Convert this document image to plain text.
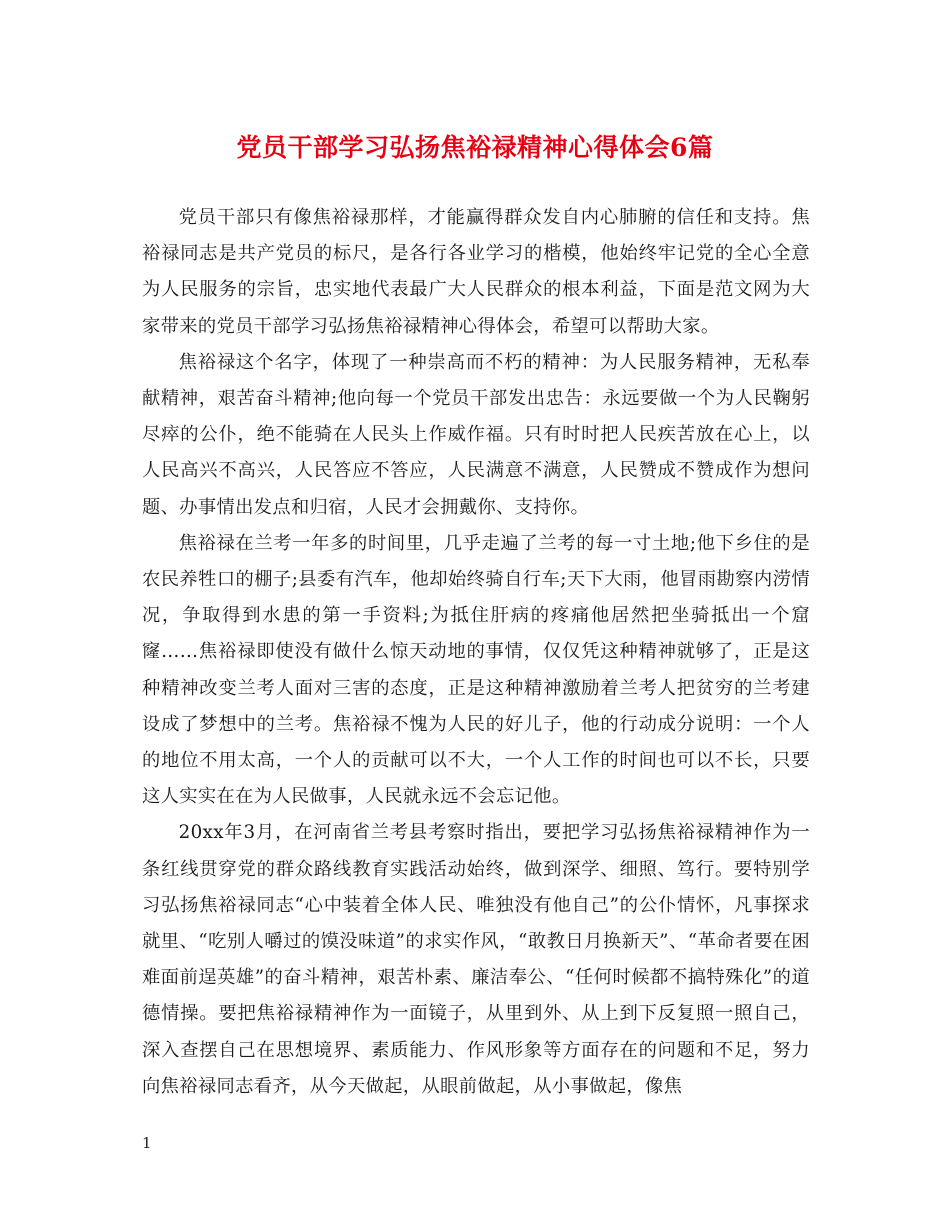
党员干部学习弘扬焦裕禄精神心得体会6篇

党员干部只有像焦裕禄那样，才能赢得群众发自内心肺腑的信任和支持。焦裕禄同志是共产党员的标尺，是各行各业学习的楷模，他始终牢记党的全心全意为人民服务的宗旨，忠实地代表最广大人民群众的根本利益，下面是范文网为大家带来的党员干部学习弘扬焦裕禄精神心得体会，希望可以帮助大家。

焦裕禄这个名字，体现了一种崇高而不朽的精神：为人民服务精神，无私奉献精神，艰苦奋斗精神;他向每一个党员干部发出忠告：永远要做一个为人民鞠躬尽瘁的公仆，绝不能骑在人民头上作威作福。只有时时把人民疾苦放在心上，以人民高兴不高兴，人民答应不答应，人民满意不满意，人民赞成不赞成作为想问题、办事情出发点和归宿，人民才会拥戴你、支持你。

焦裕禄在兰考一年多的时间里，几乎走遍了兰考的每一寸土地;他下乡住的是农民养牲口的棚子;县委有汽车，他却始终骑自行车;天下大雨，他冒雨勘察内涝情况，争取得到水患的第一手资料;为抵住肝病的疼痛他居然把坐骑抵出一个窟窿……焦裕禄即使没有做什么惊天动地的事情，仅仅凭这种精神就够了，正是这种精神改变兰考人面对三害的态度，正是这种精神激励着兰考人把贫穷的兰考建设成了梦想中的兰考。焦裕禄不愧为人民的好儿子，他的行动成分说明：一个人的地位不用太高，一个人的贡献可以不大，一个人工作的时间也可以不长，只要这人实实在在为人民做事，人民就永远不会忘记他。

20xx年3月，在河南省兰考县考察时指出，要把学习弘扬焦裕禄精神作为一条红线贯穿党的群众路线教育实践活动始终，做到深学、细照、笃行。要特别学习弘扬焦裕禄同志“心中装着全体人民、唯独没有他自己”的公仆情怀，凡事探求就里、“吃别人嚼过的馍没味道”的求实作风，“敢教日月换新天”、“革命者要在困难面前逞英雄”的奋斗精神，艰苦朴素、廉洁奉公、“任何时候都不搞特殊化”的道德情操。要把焦裕禄精神作为一面镜子，从里到外、从上到下反复照一照自己，深入查摆自己在思想境界、素质能力、作风形象等方面存在的问题和不足，努力向焦裕禄同志看齐，从今天做起，从眼前做起，从小事做起，像焦

1
